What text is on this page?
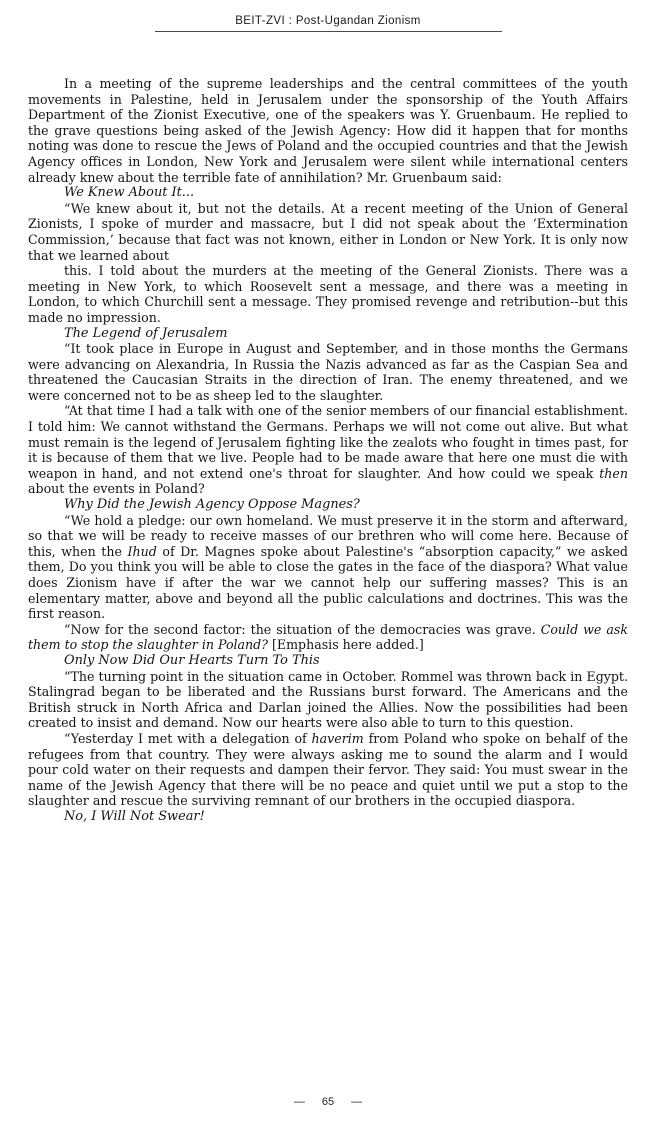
BEIT-ZVI : Post-Ugandan Zionism

In a meeting of the supreme leaderships and the central committees of the youth movements in Palestine, held in Jerusalem under the sponsorship of the Youth Affairs Department of the Zionist Executive, one of the speakers was Y. Gruenbaum. He replied to the grave questions being asked of the Jewish Agency: How did it happen that for months noting was done to rescue the Jews of Poland and the occupied countries and that the Jewish Agency offices in London, New York and Jerusalem were silent while international centers already knew about the terrible fate of annihilation? Mr. Gruenbaum said:

We Knew About It...

“We knew about it, but not the details. At a recent meeting of the Union of General Zionists, I spoke of murder and massacre, but I did not speak about the ‘Extermination Commission,’ because that fact was not known, either in London or New York. It is only now that we learned about

this. I told about the murders at the meeting of the General Zionists. There was a meeting in New York, to which Roosevelt sent a message, and there was a meeting in London, to which Churchill sent a message. They promised revenge and retribution--but this made no impression.

The Legend of Jerusalem

“It took place in Europe in August and September, and in those months the Germans were advancing on Alexandria, In Russia the Nazis advanced as far as the Caspian Sea and threatened the Caucasian Straits in the direction of Iran. The enemy threatened, and we were concerned not to be as sheep led to the slaughter.

“At that time I had a talk with one of the senior members of our financial establishment. I told him: We cannot withstand the Germans. Perhaps we will not come out alive. But what must remain is the legend of Jerusalem fighting like the zealots who fought in times past, for it is because of them that we live. People had to be made aware that here one must die with weapon in hand, and not extend one's throat for slaughter. And how could we speak then about the events in Poland?

Why Did the Jewish Agency Oppose Magnes?

“We hold a pledge: our own homeland. We must preserve it in the storm and afterward, so that we will be ready to receive masses of our brethren who will come here. Because of this, when the Ihud of Dr. Magnes spoke about Palestine's “absorption capacity,” we asked them, Do you think you will be able to close the gates in the face of the diaspora? What value does Zionism have if after the war we cannot help our suffering masses? This is an elementary matter, above and beyond all the public calculations and doctrines. This was the first reason.

“Now for the second factor: the situation of the democracies was grave. Could we ask them to stop the slaughter in Poland? [Emphasis here added.]

Only Now Did Our Hearts Turn To This

“The turning point in the situation came in October. Rommel was thrown back in Egypt. Stalingrad began to be liberated and the Russians burst forward. The Americans and the British struck in North Africa and Darlan joined the Allies. Now the possibilities had been created to insist and demand. Now our hearts were also able to turn to this question.

“Yesterday I met with a delegation of haverim from Poland who spoke on behalf of the refugees from that country. They were always asking me to sound the alarm and I would pour cold water on their requests and dampen their fervor. They said: You must swear in the name of the Jewish Agency that there will be no peace and quiet until we put a stop to the slaughter and rescue the surviving remnant of our brothers in the occupied diaspora.

No, I Will Not Swear!
— 65 —
